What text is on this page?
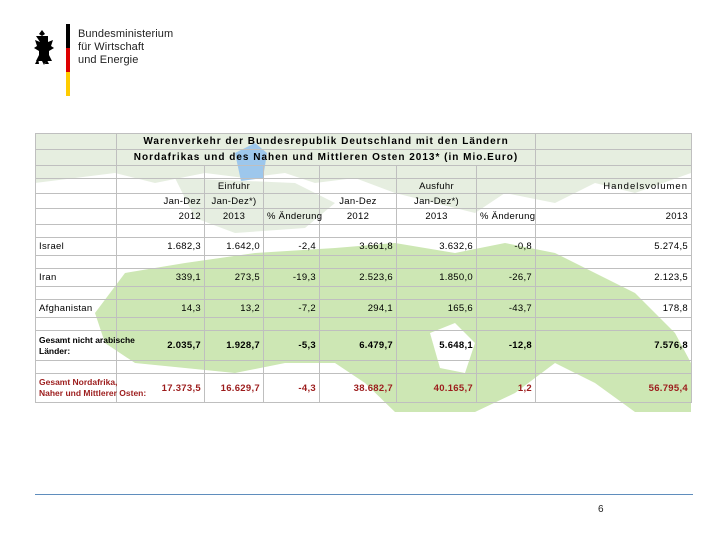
Bundesministerium
für Wirtschaft
und Energie
	Warenverkehr der Bundesrepublik Deutschland mit den Ländern						
	Nordafrikas und des Nahen und Mittleren Osten 2013* (in Mio.Euro)						

		Einfuhr			Ausfuhr		Handelsvolumen
	Jan-Dez	Jan-Dez*)		Jan-Dez	Jan-Dez*)		
	2012	2013	% Änderung	2012	2013	% Änderung	2013

Israel	1.682,3	1.642,0	-2,4	3.661,8	3.632,6	-0,8	5.274,5

Iran	339,1	273,5	-19,3	2.523,6	1.850,0	-26,7	2.123,5

Afghanistan	14,3	13,2	-7,2	294,1	165,6	-43,7	178,8

Gesamt nicht arabische
Länder:	2.035,7	1.928,7	-5,3	6.479,7	5.648,1	-12,8	7.576,8

Gesamt Nordafrika,
Naher und Mittlerer Osten:	17.373,5	16.629,7	-4,3	38.682,7	40.165,7	1,2	56.795,4
6
